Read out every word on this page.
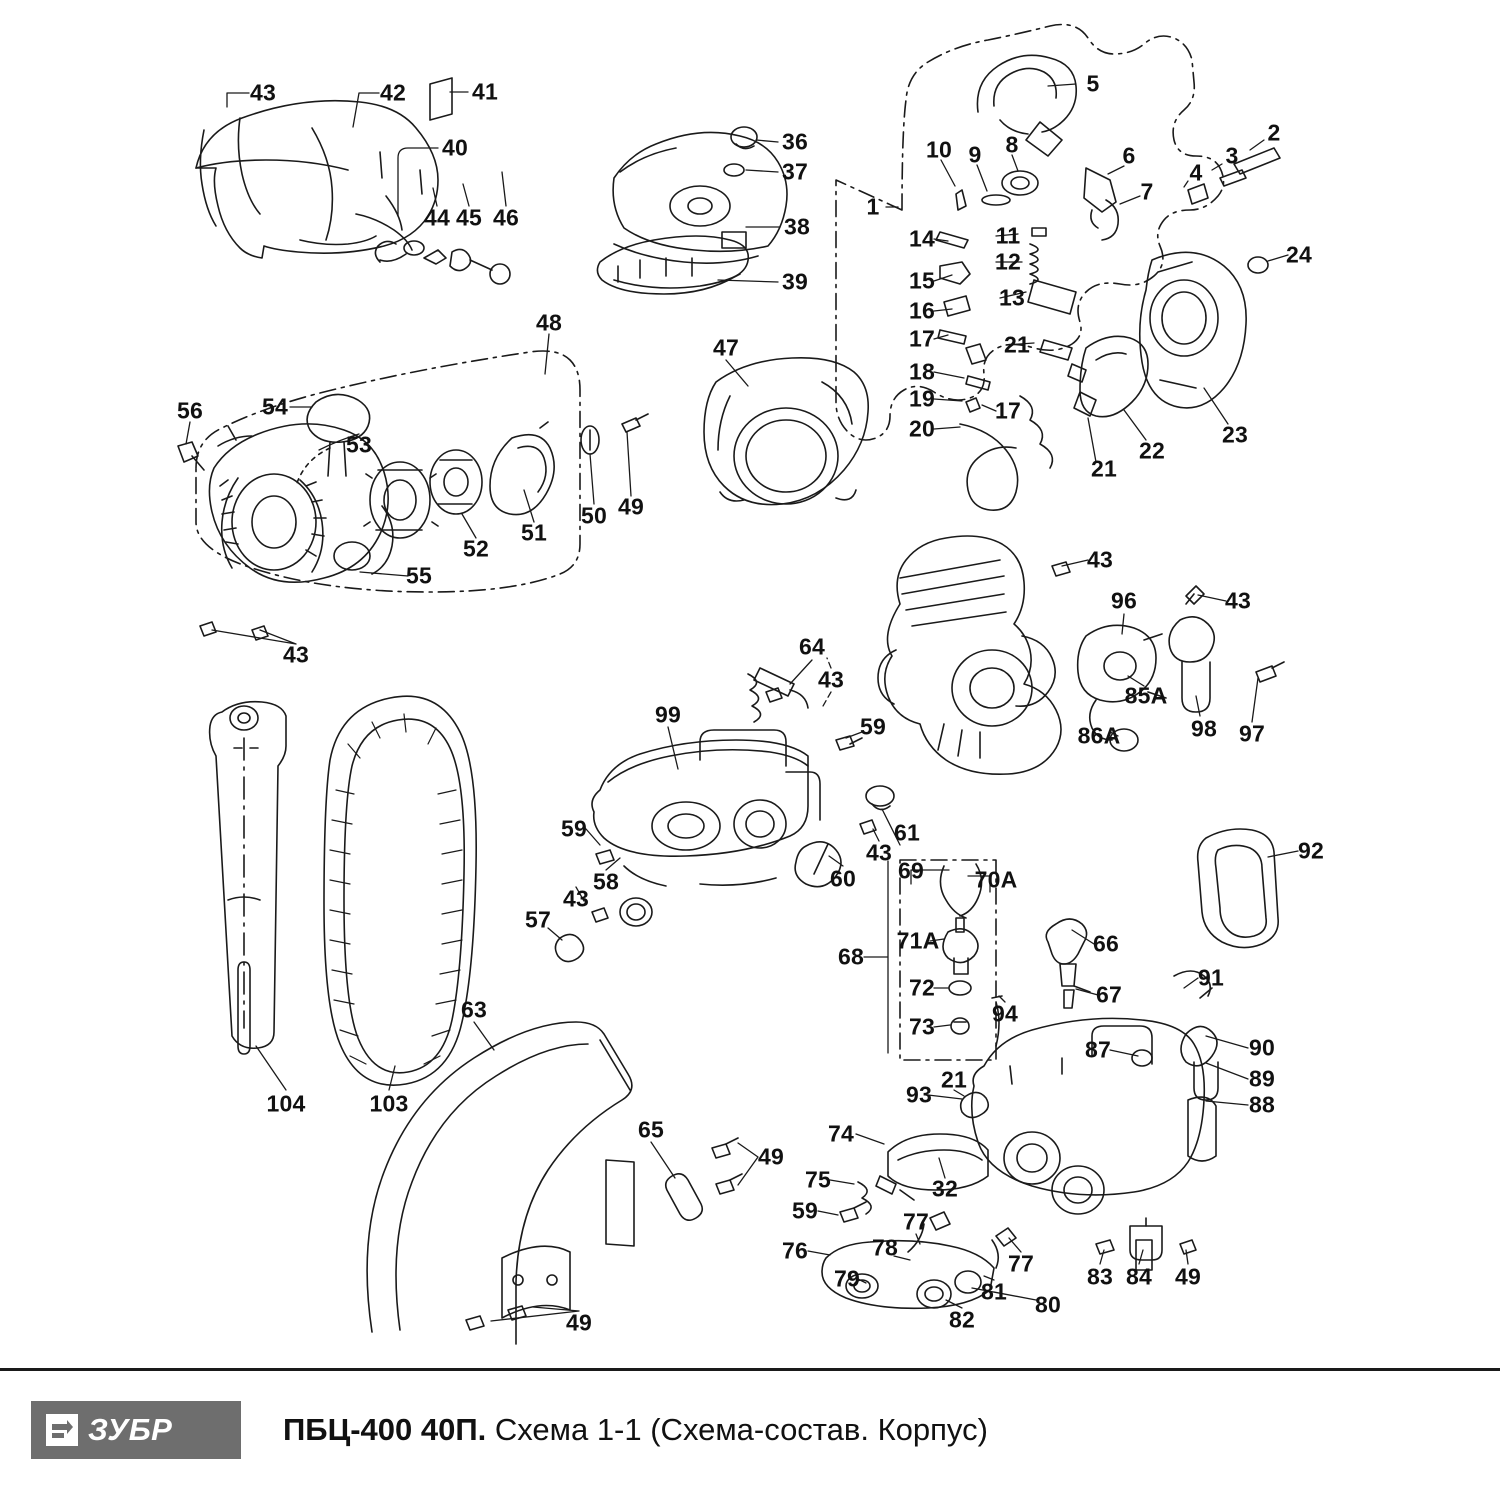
43	42	41
40
44 45 46
36
37
38
39
5
2
3
4
6
7
8
9
10
1
14	11
12
15
13
16
17	21
18
19	17
20
21
22
23
24
48
47
56	54
53
52
51
50 49
55
43
43
43
96
85A
86A	98 97
64
43
99	59
59
58
43
57
60
43
61
92
69 70A
71A	66
68
72	67
91
73 94
87	90
89
88
21
93
63
104	103
65
49
74
75	32
59	77
76	78
77 83 84 49
79	81 80
82
49
ЗУБР	ПБЦ-400 40П. Схема 1-1 (Схема-состав. Корпус)
